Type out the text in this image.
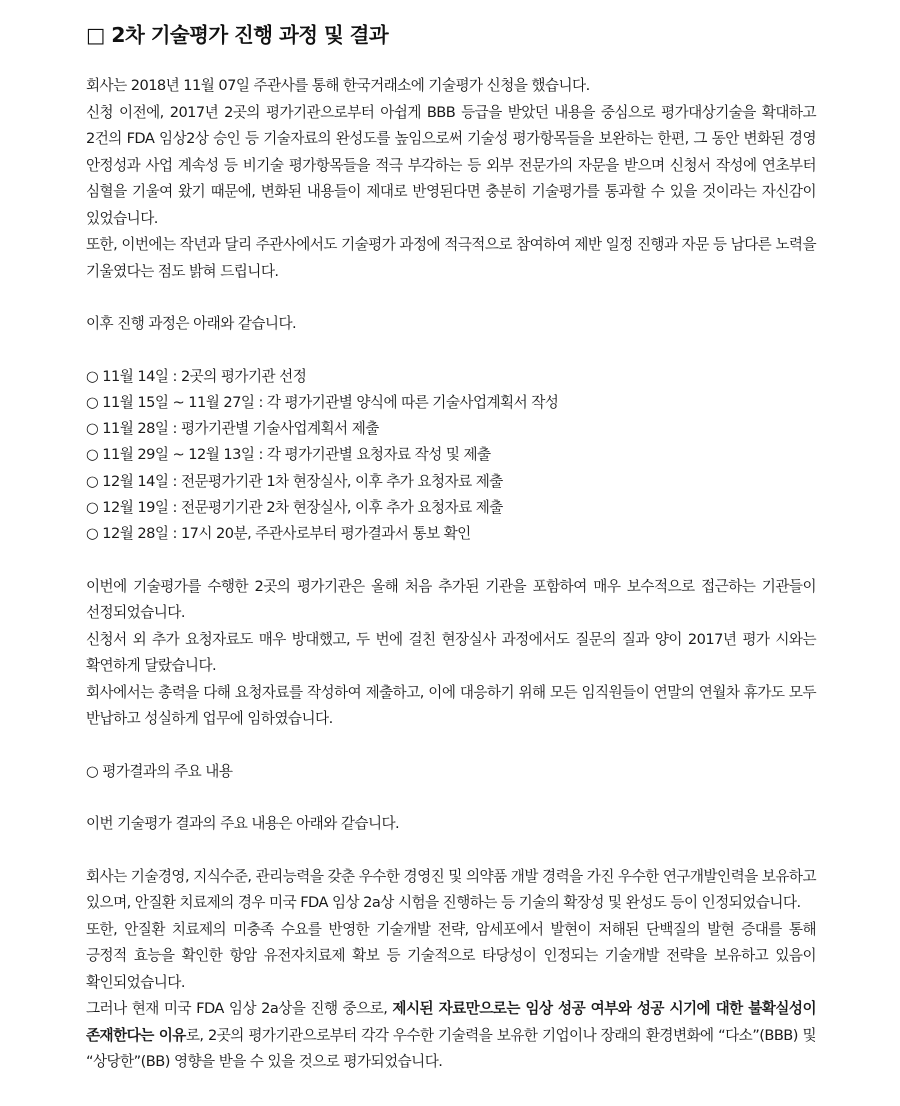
□ 2차 기술평가 진행 과정 및 결과

회사는 2018년 11월 07일 주관사를 통해 한국거래소에 기술평가 신청을 했습니다.

신청 이전에, 2017년 2곳의 평가기관으로부터 아쉽게 BBB 등급을 받았던 내용을 중심으로 평가대상기술을 확대하고 2건의 FDA 임상2상 승인 등 기술자료의 완성도를 높임으로써 기술성 평가항목들을 보완하는 한편, 그 동안 변화된 경영 안정성과 사업 계속성 등 비기술 평가항목들을 적극 부각하는 등 외부 전문가의 자문을 받으며 신청서 작성에 연초부터 심혈을 기울여 왔기 때문에, 변화된 내용들이 제대로 반영된다면 충분히 기술평가를 통과할 수 있을 것이라는 자신감이 있었습니다.

또한, 이번에는 작년과 달리 주관사에서도 기술평가 과정에 적극적으로 참여하여 제반 일정 진행과 자문 등 남다른 노력을 기울였다는 점도 밝혀 드립니다.

이후 진행 과정은 아래와 같습니다.

○ 11월 14일 : 2곳의 평가기관 선정
○ 11월 15일 ~ 11월 27일 : 각 평가기관별 양식에 따른 기술사업계획서 작성
○ 11월 28일 : 평가기관별 기술사업계획서 제출
○ 11월 29일 ~ 12월 13일 : 각 평가기관별 요청자료 작성 및 제출
○ 12월 14일 : 전문평가기관 1차 현장실사, 이후 추가 요청자료 제출
○ 12월 19일 : 전문평기기관 2차 현장실사, 이후 추가 요청자료 제출
○ 12월 28일 : 17시 20분, 주관사로부터 평가결과서 통보 확인

이번에 기술평가를 수행한 2곳의 평가기관은 올해 처음 추가된 기관을 포함하여 매우 보수적으로 접근하는 기관들이 선정되었습니다.

신청서 외 추가 요청자료도 매우 방대했고, 두 번에 걸친 현장실사 과정에서도 질문의 질과 양이 2017년 평가 시와는 확연하게 달랐습니다.

회사에서는 총력을 다해 요청자료를 작성하여 제출하고, 이에 대응하기 위해 모든 임직원들이 연말의 연월차 휴가도 모두 반납하고 성실하게 업무에 임하였습니다.

○ 평가결과의 주요 내용

이번 기술평가 결과의 주요 내용은 아래와 같습니다.

회사는 기술경영, 지식수준, 관리능력을 갖춘 우수한 경영진 및 의약품 개발 경력을 가진 우수한 연구개발인력을 보유하고 있으며, 안질환 치료제의 경우 미국 FDA 임상 2a상 시험을 진행하는 등 기술의 확장성 및 완성도 등이 인정되었습니다.

또한, 안질환 치료제의 미충족 수요를 반영한 기술개발 전략, 암세포에서 발현이 저해된 단백질의 발현 증대를 통해 긍정적 효능을 확인한 항암 유전자치료제 확보 등 기술적으로 타당성이 인정되는 기술개발 전략을 보유하고 있음이 확인되었습니다.

그러나 현재 미국 FDA 임상 2a상을 진행 중으로, 제시된 자료만으로는 임상 성공 여부와 성공 시기에 대한 불확실성이 존재한다는 이유로, 2곳의 평가기관으로부터 각각 우수한 기술력을 보유한 기업이나 장래의 환경변화에 “다소”(BBB) 및 “상당한”(BB) 영향을 받을 수 있을 것으로 평가되었습니다.
